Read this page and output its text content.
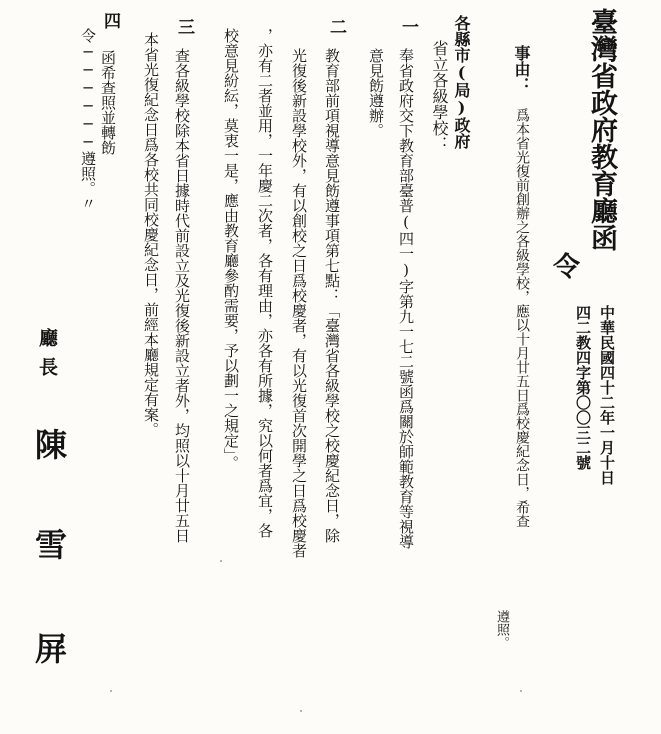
臺灣省政府教育廳函
令
中華民國四十二年一月十日
四二教四字第〇〇三二號
事由：
爲本省光復前創辦之各級學校，應以十月廿五日爲校慶紀念日，希查
遵照。
各縣市(局)政府
省立各級學校：
一
奉省政府交下教育部臺普(四一)字第九一七二號函爲關於師範教育等視導
意見飭遵辦。
二
教育部前項視導意見飭遵事項第七點：「臺灣省各級學校之校慶紀念日，除
光復後新設學校外，有以創校之日爲校慶者，有以光復首次開學之日爲校慶者
，亦有二者並用，一年慶二次者，各有理由，亦各有所據，究以何者爲宜，各
校意見紛紜，莫衷一是，應由教育廳參酌需要，予以劃一之規定」。
三
查各級學校除本省日據時代前設立及光復後新設立者外，均照以十月廿五日
本省光復紀念日爲各校共同校慶紀念日，前經本廳規定有案。
四
函希查照並轉飭
令──────遵照。〃
廳長
陳
雪
屏
